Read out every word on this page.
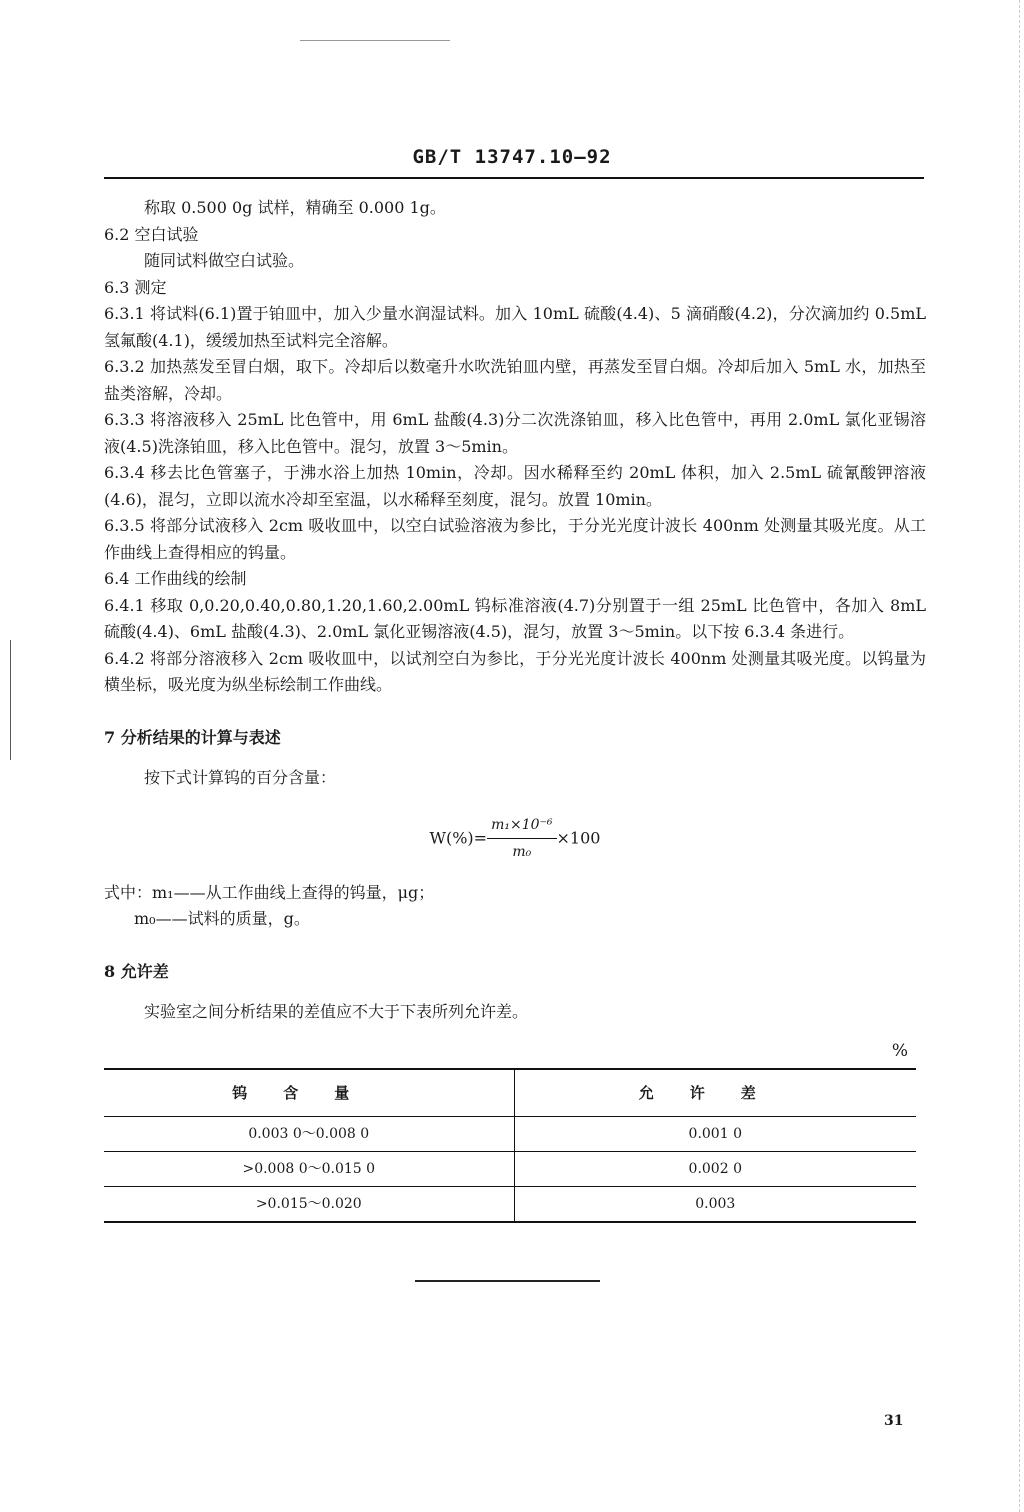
GB/T 13747.10—92

称取 0.500 0g 试样，精确至 0.000 1g。

6.2 空白试验

随同试料做空白试验。

6.3 测定

6.3.1 将试料(6.1)置于铂皿中，加入少量水润湿试料。加入 10mL 硫酸(4.4)、5 滴硝酸(4.2)，分次滴加约 0.5mL 氢氟酸(4.1)，缓缓加热至试料完全溶解。

6.3.2 加热蒸发至冒白烟，取下。冷却后以数毫升水吹洗铂皿内壁，再蒸发至冒白烟。冷却后加入 5mL 水，加热至盐类溶解，冷却。

6.3.3 将溶液移入 25mL 比色管中，用 6mL 盐酸(4.3)分二次洗涤铂皿，移入比色管中，再用 2.0mL 氯化亚锡溶液(4.5)洗涤铂皿，移入比色管中。混匀，放置 3～5min。

6.3.4 移去比色管塞子，于沸水浴上加热 10min，冷却。因水稀释至约 20mL 体积，加入 2.5mL 硫氰酸钾溶液(4.6)，混匀，立即以流水冷却至室温，以水稀释至刻度，混匀。放置 10min。

6.3.5 将部分试液移入 2cm 吸收皿中，以空白试验溶液为参比，于分光光度计波长 400nm 处测量其吸光度。从工作曲线上查得相应的钨量。

6.4 工作曲线的绘制

6.4.1 移取 0,0.20,0.40,0.80,1.20,1.60,2.00mL 钨标准溶液(4.7)分别置于一组 25mL 比色管中，各加入 8mL 硫酸(4.4)、6mL 盐酸(4.3)、2.0mL 氯化亚锡溶液(4.5)，混匀，放置 3～5min。以下按 6.3.4 条进行。

6.4.2 将部分溶液移入 2cm 吸收皿中，以试剂空白为参比，于分光光度计波长 400nm 处测量其吸光度。以钨量为横坐标，吸光度为纵坐标绘制工作曲线。

7 分析结果的计算与表述

按下式计算钨的百分含量：

$W(\%)= \frac{\text{m₁×10⁻⁶}}{\text{m₀}} \times 100$

式中：m₁——从工作曲线上查得的钨量，μg；

m₀——试料的质量，g。

8 允许差

实验室之间分析结果的差值应不大于下表所列允许差。

%
钨含量	允许差
0.003 0～0.008 0	0.001 0
>0.008 0～0.015 0	0.002 0
>0.015～0.020	0.003
31
